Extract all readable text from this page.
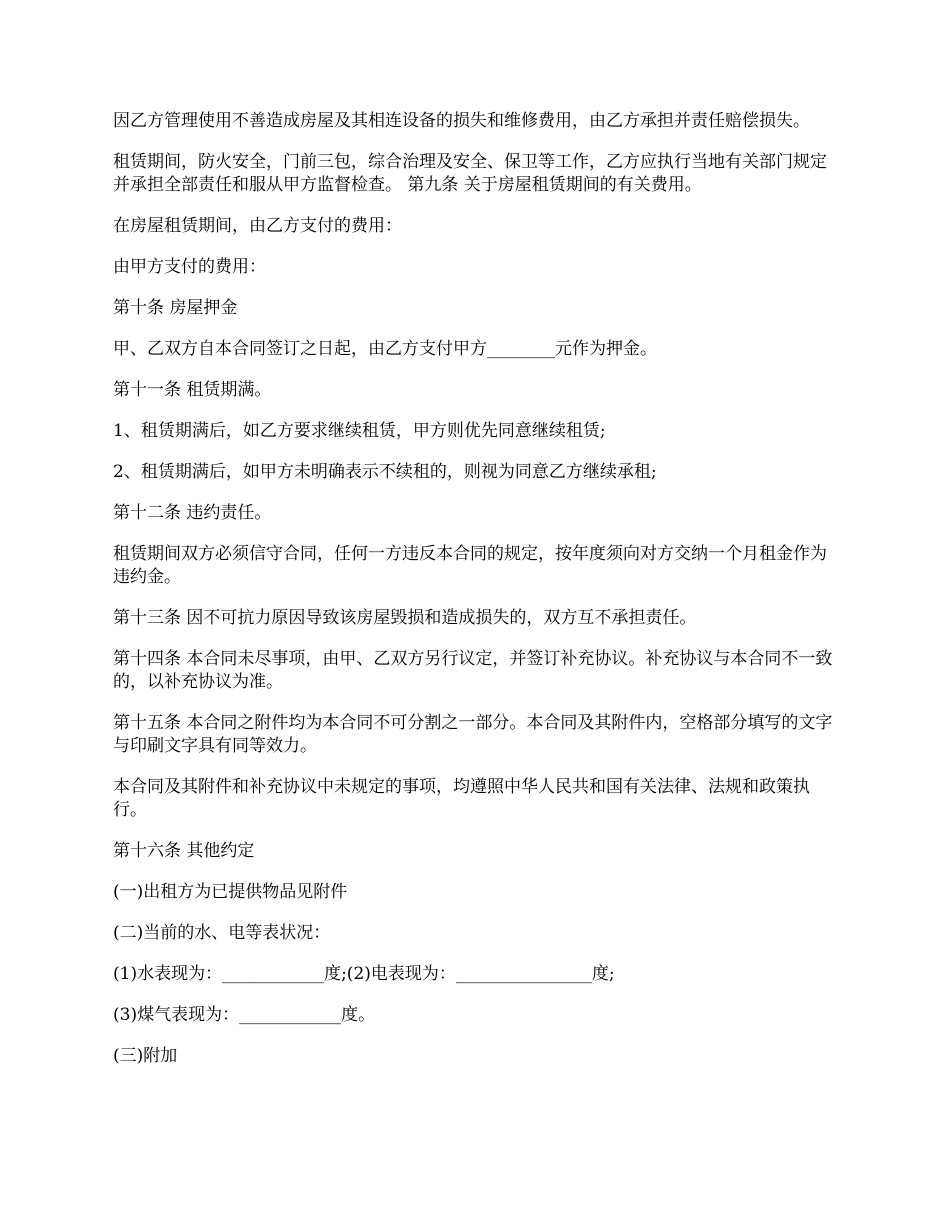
因乙方管理使用不善造成房屋及其相连设备的损失和维修费用，由乙方承担并责任赔偿损失。

租赁期间，防火安全，门前三包，综合治理及安全、保卫等工作，乙方应执行当地有关部门规定并承担全部责任和服从甲方监督检查。 第九条 关于房屋租赁期间的有关费用。

在房屋租赁期间，由乙方支付的费用：

由甲方支付的费用：

第十条 房屋押金

甲、乙双方自本合同签订之日起，由乙方支付甲方________元作为押金。

第十一条 租赁期满。

1、租赁期满后，如乙方要求继续租赁，甲方则优先同意继续租赁;

2、租赁期满后，如甲方未明确表示不续租的，则视为同意乙方继续承租;

第十二条 违约责任。

租赁期间双方必须信守合同，任何一方违反本合同的规定，按年度须向对方交纳一个月租金作为违约金。

第十三条 因不可抗力原因导致该房屋毁损和造成损失的，双方互不承担责任。

第十四条 本合同未尽事项，由甲、乙双方另行议定，并签订补充协议。补充协议与本合同不一致的，以补充协议为准。

第十五条 本合同之附件均为本合同不可分割之一部分。本合同及其附件内，空格部分填写的文字与印刷文字具有同等效力。

本合同及其附件和补充协议中未规定的事项，均遵照中华人民共和国有关法律、法规和政策执行。

第十六条 其他约定

(一)出租方为已提供物品见附件

(二)当前的水、电等表状况：

(1)水表现为：____________度;(2)电表现为：________________度;

(3)煤气表现为：____________度。

(三)附加
